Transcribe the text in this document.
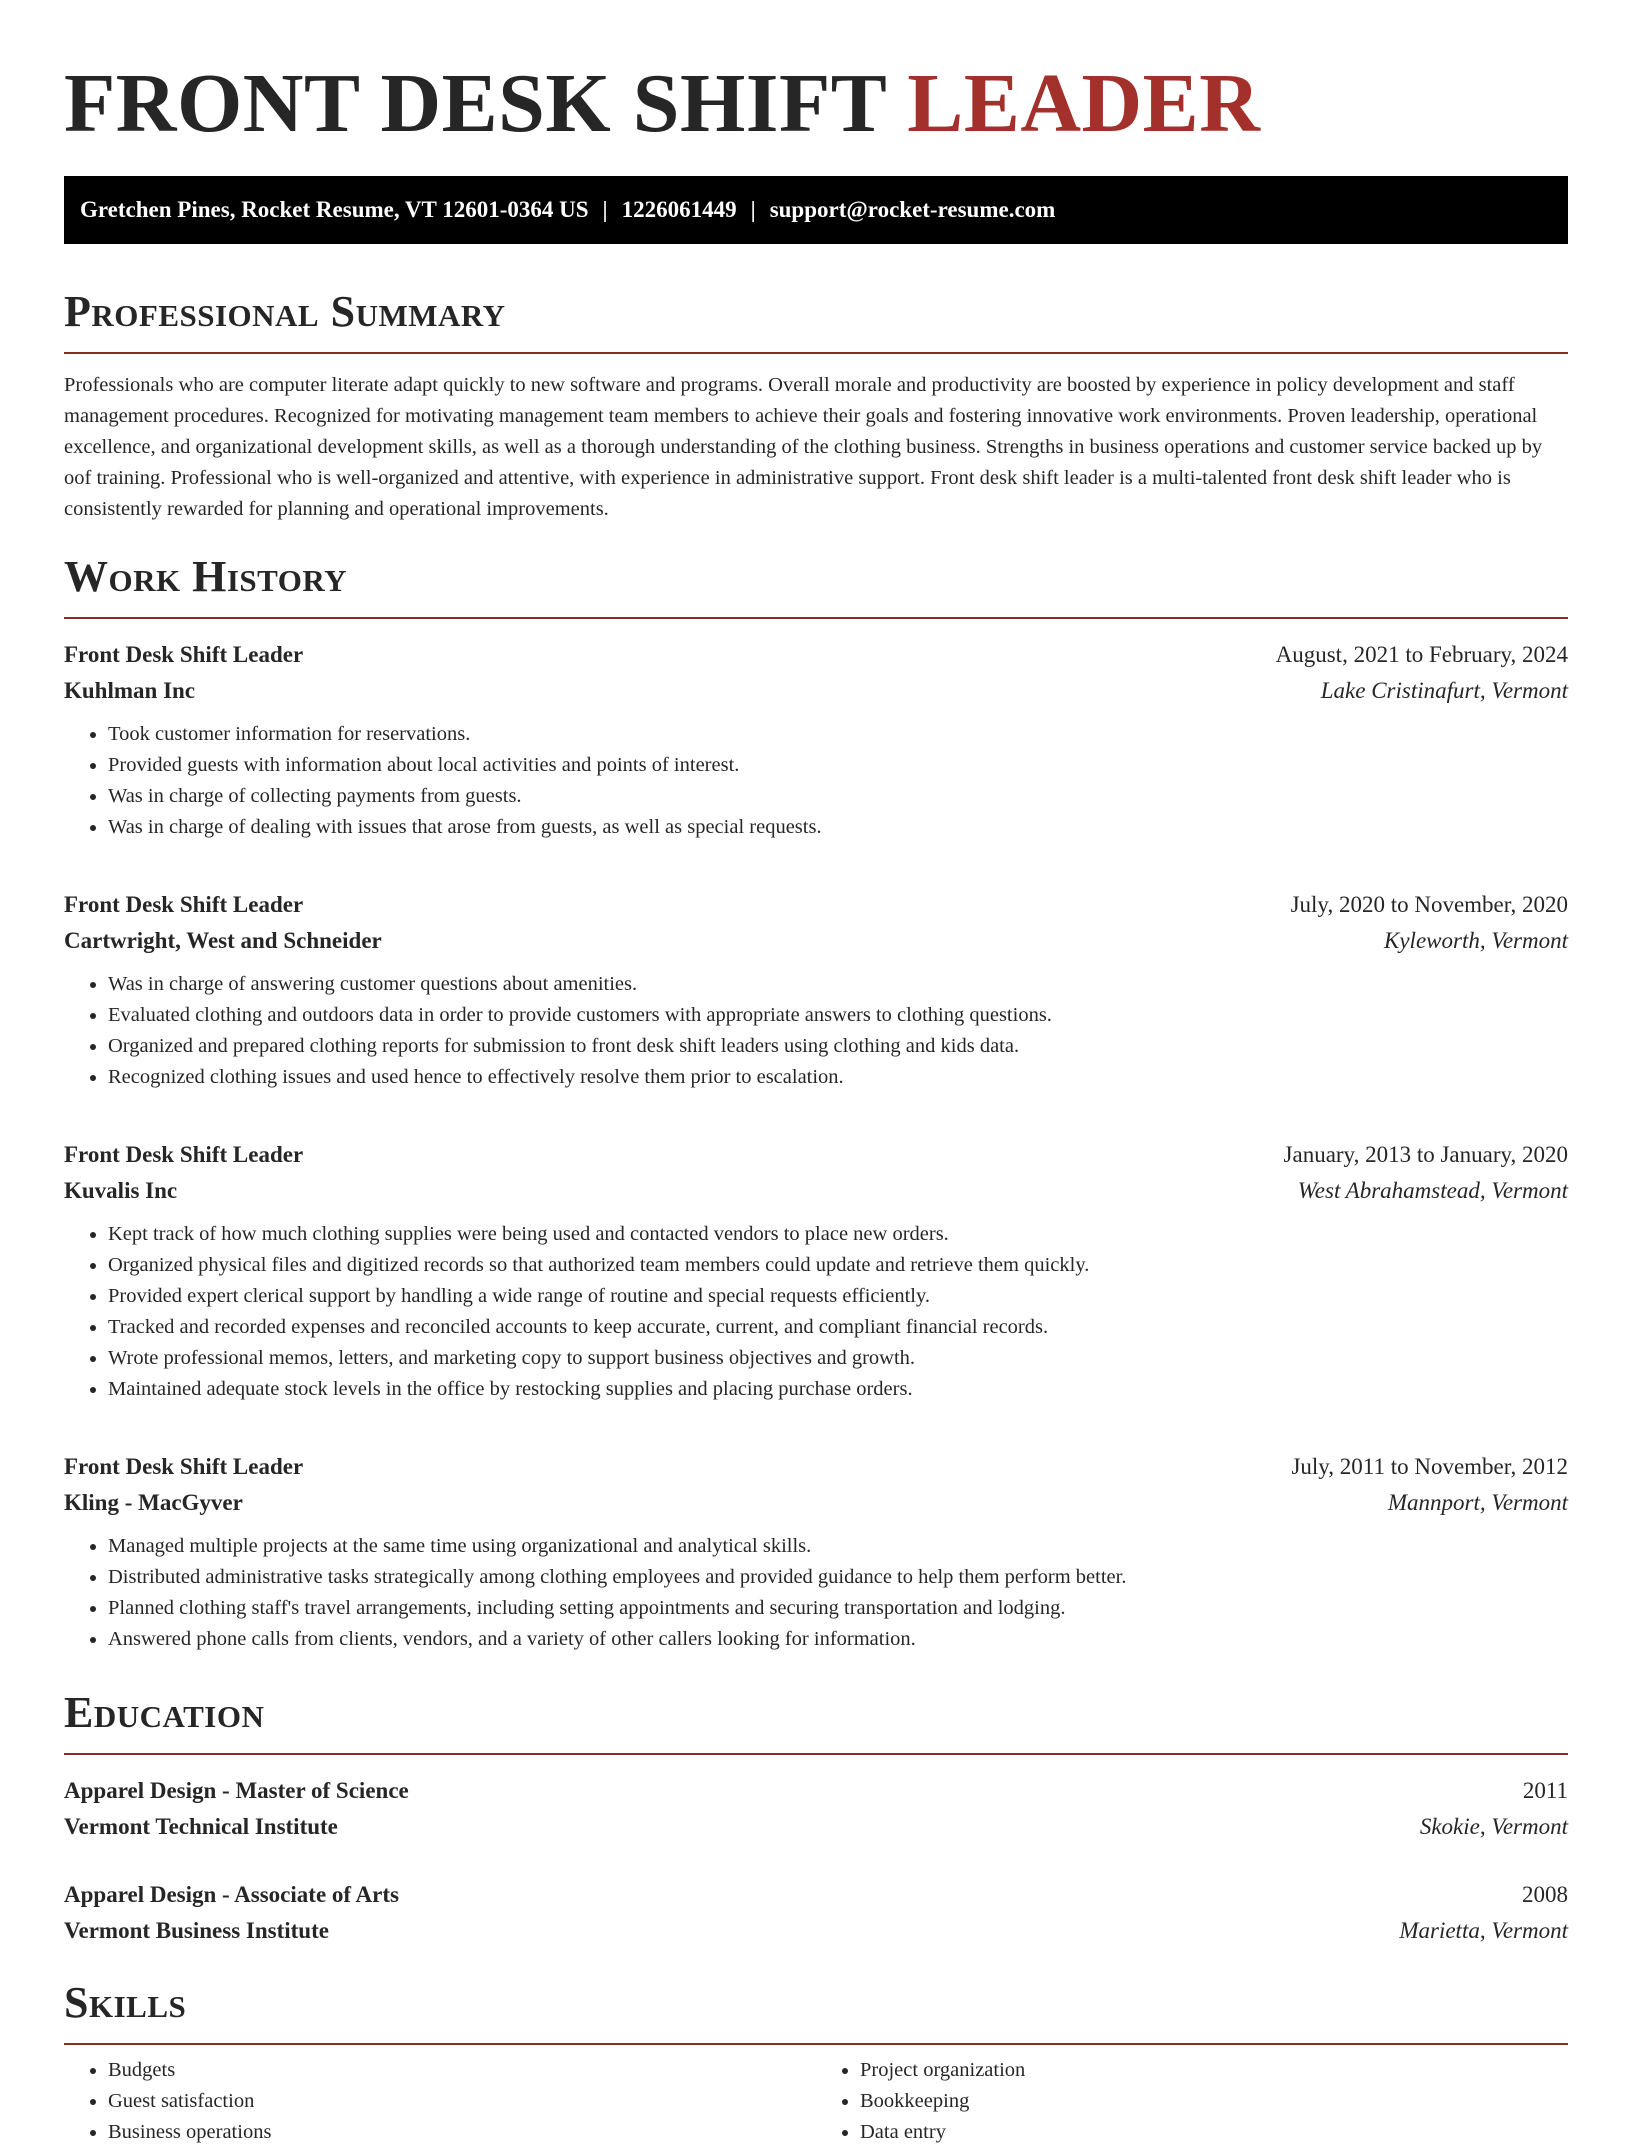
FRONT DESK SHIFT LEADER
Gretchen Pines, Rocket Resume, VT 12601-0364 US | 1226061449 | support@rocket-resume.com
Professional Summary

Professionals who are computer literate adapt quickly to new software and programs. Overall morale and productivity are boosted by experience in policy development and staff management procedures. Recognized for motivating management team members to achieve their goals and fostering innovative work environments. Proven leadership, operational excellence, and organizational development skills, as well as a thorough understanding of the clothing business. Strengths in business operations and customer service backed up by oof training. Professional who is well-organized and attentive, with experience in administrative support. Front desk shift leader is a multi-talented front desk shift leader who is consistently rewarded for planning and operational improvements.

Work History
Front Desk Shift Leader	August, 2021 to February, 2024
Kuhlman Inc	Lake Cristinafurt, Vermont
• Took customer information for reservations.
• Provided guests with information about local activities and points of interest.
• Was in charge of collecting payments from guests.
• Was in charge of dealing with issues that arose from guests, as well as special requests.
Front Desk Shift Leader	July, 2020 to November, 2020
Cartwright, West and Schneider	Kyleworth, Vermont
• Was in charge of answering customer questions about amenities.
• Evaluated clothing and outdoors data in order to provide customers with appropriate answers to clothing questions.
• Organized and prepared clothing reports for submission to front desk shift leaders using clothing and kids data.
• Recognized clothing issues and used hence to effectively resolve them prior to escalation.
Front Desk Shift Leader	January, 2013 to January, 2020
Kuvalis Inc	West Abrahamstead, Vermont
• Kept track of how much clothing supplies were being used and contacted vendors to place new orders.
• Organized physical files and digitized records so that authorized team members could update and retrieve them quickly.
• Provided expert clerical support by handling a wide range of routine and special requests efficiently.
• Tracked and recorded expenses and reconciled accounts to keep accurate, current, and compliant financial records.
• Wrote professional memos, letters, and marketing copy to support business objectives and growth.
• Maintained adequate stock levels in the office by restocking supplies and placing purchase orders.
Front Desk Shift Leader	July, 2011 to November, 2012
Kling - MacGyver	Mannport, Vermont
• Managed multiple projects at the same time using organizational and analytical skills.
• Distributed administrative tasks strategically among clothing employees and provided guidance to help them perform better.
• Planned clothing staff's travel arrangements, including setting appointments and securing transportation and lodging.
• Answered phone calls from clients, vendors, and a variety of other callers looking for information.
Education
Apparel Design - Master of Science	2011
Vermont Technical Institute	Skokie, Vermont
Apparel Design - Associate of Arts	2008
Vermont Business Institute	Marietta, Vermont
Skills
• Budgets
• Guest satisfaction
• Business operations
• Project organization
• Bookkeeping
• Data entry
